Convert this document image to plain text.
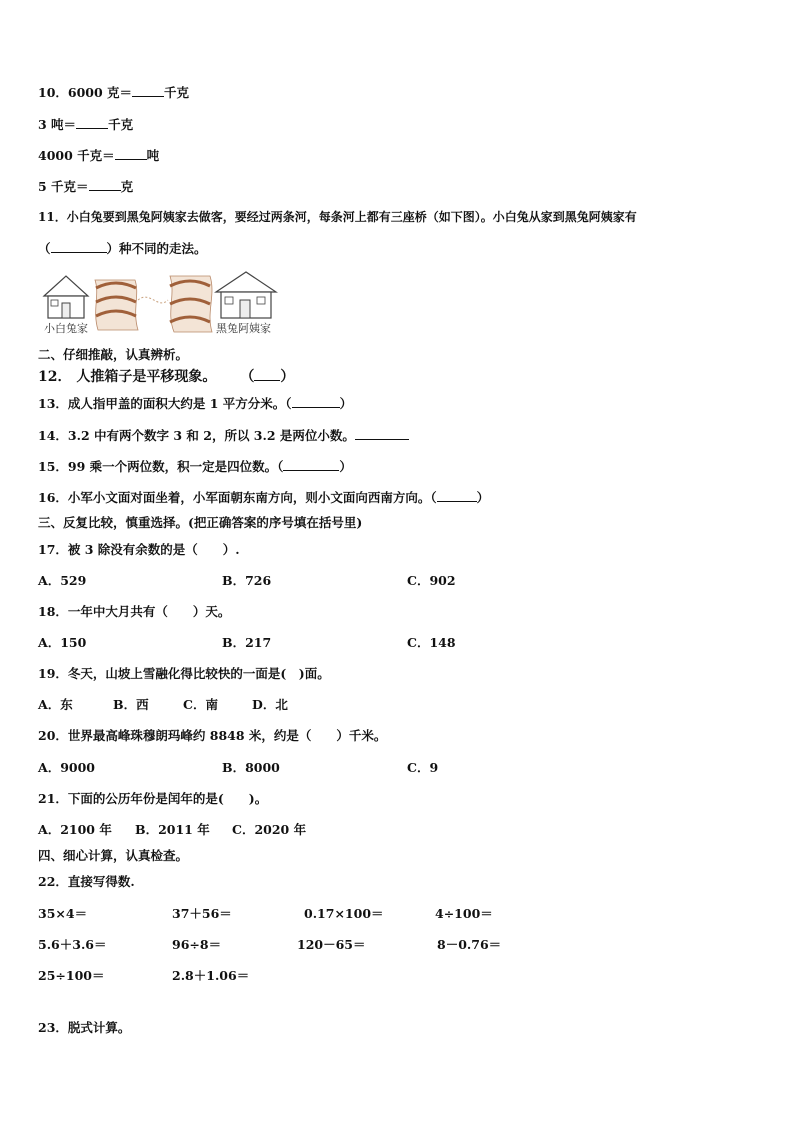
10．6000 克＝	千克
3 吨＝	千克
4000 千克＝	吨
5 千克＝	克
11．小白兔要到黑兔阿姨家去做客，要经过两条河，每条河上都有三座桥（如下图）。小白兔从家到黑兔阿姨家有
（	）种不同的走法。
小白兔家	黑兔阿姨家
二、仔细推敲，认真辨析。
12． 人推箱子是平移现象。 （ ）
13．成人指甲盖的面积大约是 1 平方分米。（	）
14．3.2 中有两个数字 3 和 2，所以 3.2 是两位小数。
15．99 乘一个两位数，积一定是四位数。（	）
16．小军小文面对面坐着，小军面朝东南方向，则小文面向西南方向。（	）
三、反复比较，慎重选择。(把正确答案的序号填在括号里)
17．被 3 除没有余数的是（　　）.
A．529	B．726	C．902
18．一年中大月共有（　　）天。
A．150	B．217	C．148
19．冬天，山坡上雪融化得比较快的一面是(　)面。
A．东	B．西	C．南	D．北
20．世界最高峰珠穆朗玛峰约 8848 米，约是（　　）千米。
A．9000	B．8000	C．9
21．下面的公历年份是闰年的是(　　)。
A．2100 年 B．2011 年 C．2020 年
四、细心计算，认真检查。
22．直接写得数.
35×4＝	37＋56＝	0.17×100＝	4÷100＝
5.6＋3.6＝	96÷8＝	120－65＝	8－0.76＝
25÷100＝	2.8＋1.06＝
23．脱式计算。
